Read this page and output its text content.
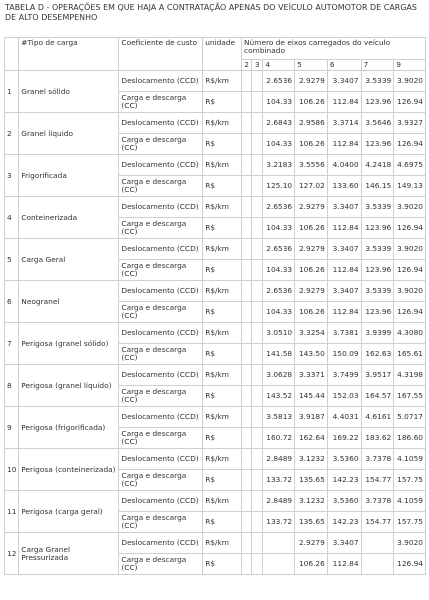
TABELA D - OPERAÇÕES EM QUE HAJA A CONTRATAÇÃO APENAS DO VEÍCULO AUTOMOTOR DE CARGAS DE ALTO DESEMPENHO
	#Tipo de carga	Coeficiente de custo	unidade	Número de eixos carregados do veículo combinado						
				2	3	4	5	6	7	9
1	Granel sólido	Deslocamento (CCD)	R$/km			2.6536	2.9279	3.3407	3.5339	3.9020
		Carga e descarga (CC)	R$			104.33	106.26	112.84	123.96	126.94
2	Granel líquido	Deslocamento (CCD)	R$/km			2.6843	2.9586	3.3714	3.5646	3.9327
		Carga e descarga (CC)	R$			104.33	106.26	112.84	123.96	126.94
3	Frigorificada	Deslocamento (CCD)	R$/km			3.2183	3.5556	4.0400	4.2418	4.6975
		Carga e descarga (CC)	R$			125.10	127.02	133.60	146.15	149.13
4	Conteinerizada	Deslocamento (CCD)	R$/km			2.6536	2.9279	3.3407	3.5339	3.9020
		Carga e descarga (CC)	R$			104.33	106.26	112.84	123.96	126.94
5	Carga Geral	Deslocamento (CCD)	R$/km			2.6536	2.9279	3.3407	3.5339	3.9020
		Carga e descarga (CC)	R$			104.33	106.26	112.84	123.96	126.94
6	Neogranel	Deslocamento (CCD)	R$/km			2.6536	2.9279	3.3407	3.5339	3.9020
		Carga e descarga (CC)	R$			104.33	106.26	112.84	123.96	126.94
7	Perigosa (granel sólido)	Deslocamento (CCD)	R$/km			3.0510	3.3254	3.7381	3.9399	4.3080
		Carga e descarga (CC)	R$			141.58	143.50	150.09	162.63	165.61
8	Perigosa (granel líquido)	Deslocamento (CCD)	R$/km			3.0628	3.3371	3.7499	3.9517	4.3198
		Carga e descarga (CC)	R$			143.52	145.44	152.03	164.57	167.55
9	Perigosa (frigorificada)	Deslocamento (CCD)	R$/km			3.5813	3.9187	4.4031	4.6161	5.0717
		Carga e descarga (CC)	R$			160.72	162.64	169.22	183.62	186.60
10	Perigosa (conteinerizada)	Deslocamento (CCD)	R$/km			2.8489	3.1232	3.5360	3.7378	4.1059
		Carga e descarga (CC)	R$			133.72	135.65	142.23	154.77	157.75
11	Perigosa (carga geral)	Deslocamento (CCD)	R$/km			2.8489	3.1232	3.5360	3.7378	4.1059
		Carga e descarga (CC)	R$			133.72	135.65	142.23	154.77	157.75
12	Carga Granel Pressurizada	Deslocamento (CCD)	R$/km				2.9279	3.3407		3.9020
		Carga e descarga (CC)	R$				106.26	112.84		126.94
